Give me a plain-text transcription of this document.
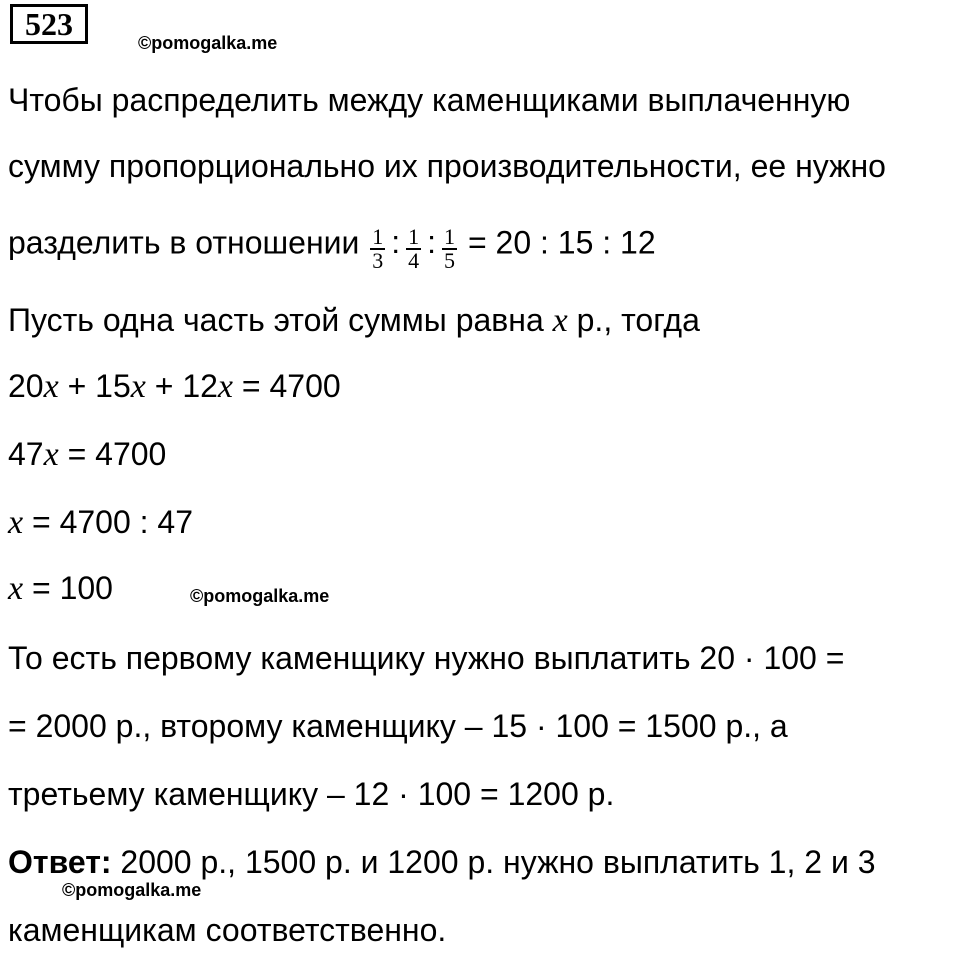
523
©pomogalka.me
Чтобы распределить между каменщиками выплаченную
сумму пропорционально их производительности, ее нужно
разделить в отношении $\frac{1}{3}$ : $\frac{1}{4}$ : $\frac{1}{5} = 20$ : 15 : 12
Пусть одна часть этой суммы равна x р., тогда
20x + 15x + 12x = 4700
47x = 4700
x = 4700 : 47
x = 100	©pomogalka.me
То есть первому каменщику нужно выплатить 20 · 100 =
= 2000 р., второму каменщику – 15 · 100 = 1500 р., а
третьему каменщику – 12 · 100 = 1200 р.
Ответ: 2000 р., 1500 р. и 1200 р. нужно выплатить 1, 2 и 3
©pomogalka.me
каменщикам соответственно.
